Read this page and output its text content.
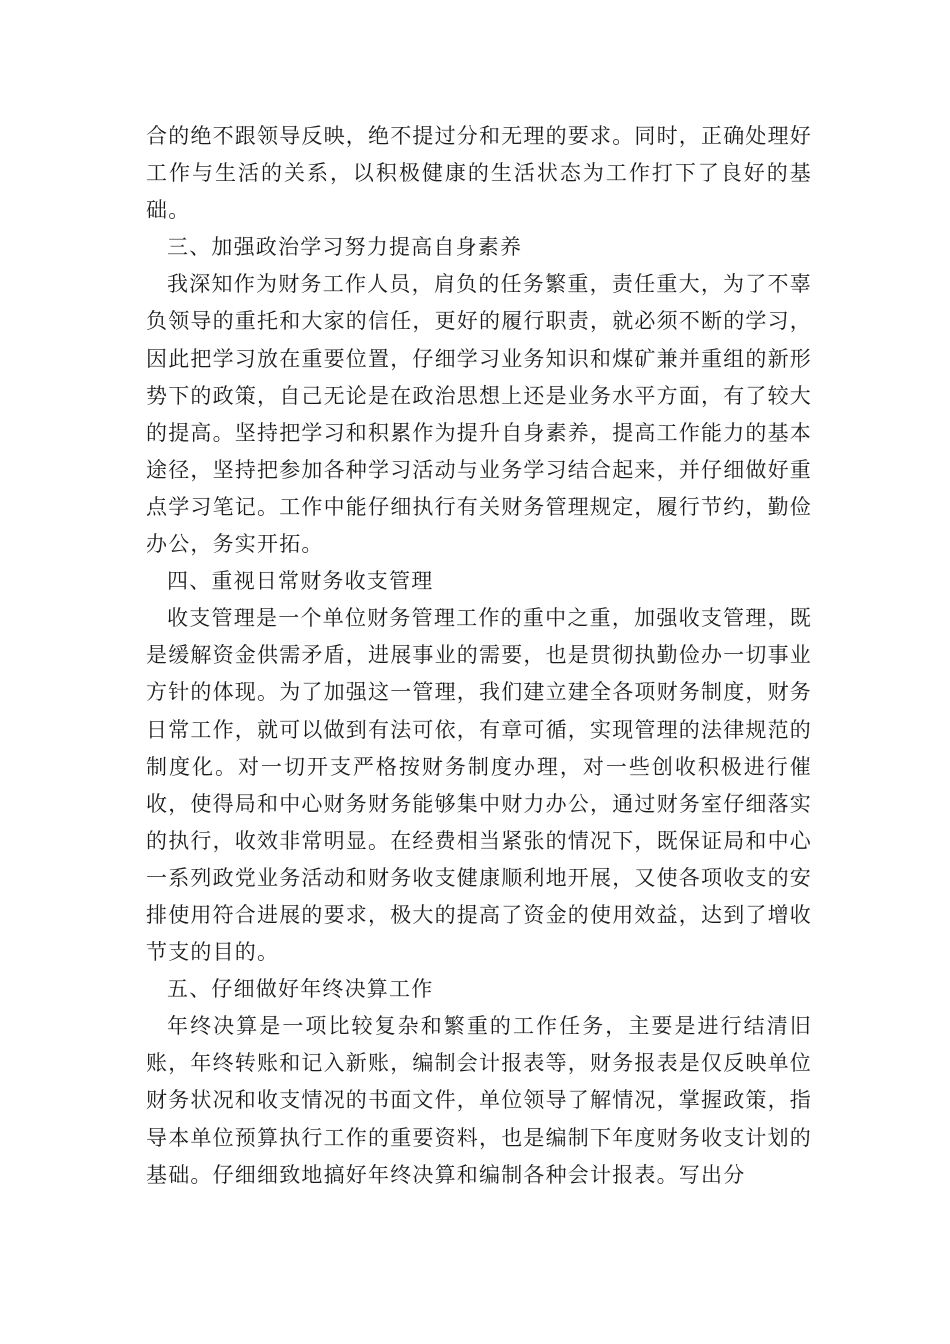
合的绝不跟领导反映，绝不提过分和无理的要求。同时，正确处理好工作与生活的关系，以积极健康的生活状态为工作打下了良好的基础。

三、加强政治学习努力提高自身素养

我深知作为财务工作人员，肩负的任务繁重，责任重大，为了不辜负领导的重托和大家的信任，更好的履行职责，就必须不断的学习，因此把学习放在重要位置，仔细学习业务知识和煤矿兼并重组的新形势下的政策，自己无论是在政治思想上还是业务水平方面，有了较大的提高。坚持把学习和积累作为提升自身素养，提高工作能力的基本途径，坚持把参加各种学习活动与业务学习结合起来，并仔细做好重点学习笔记。工作中能仔细执行有关财务管理规定，履行节约，勤俭办公，务实开拓。

四、重视日常财务收支管理

收支管理是一个单位财务管理工作的重中之重，加强收支管理，既是缓解资金供需矛盾，进展事业的需要，也是贯彻执勤俭办一切事业方针的体现。为了加强这一管理，我们建立建全各项财务制度，财务日常工作，就可以做到有法可依，有章可循，实现管理的法律规范的制度化。对一切开支严格按财务制度办理，对一些创收积极进行催收，使得局和中心财务财务能够集中财力办公，通过财务室仔细落实的执行，收效非常明显。在经费相当紧张的情况下，既保证局和中心一系列政党业务活动和财务收支健康顺利地开展，又使各项收支的安排使用符合进展的要求，极大的提高了资金的使用效益，达到了增收节支的目的。

五、仔细做好年终决算工作

年终决算是一项比较复杂和繁重的工作任务，主要是进行结清旧账，年终转账和记入新账，编制会计报表等，财务报表是仅反映单位财务状况和收支情况的书面文件，单位领导了解情况，掌握政策，指导本单位预算执行工作的重要资料，也是编制下年度财务收支计划的基础。仔细细致地搞好年终决算和编制各种会计报表。写出分
